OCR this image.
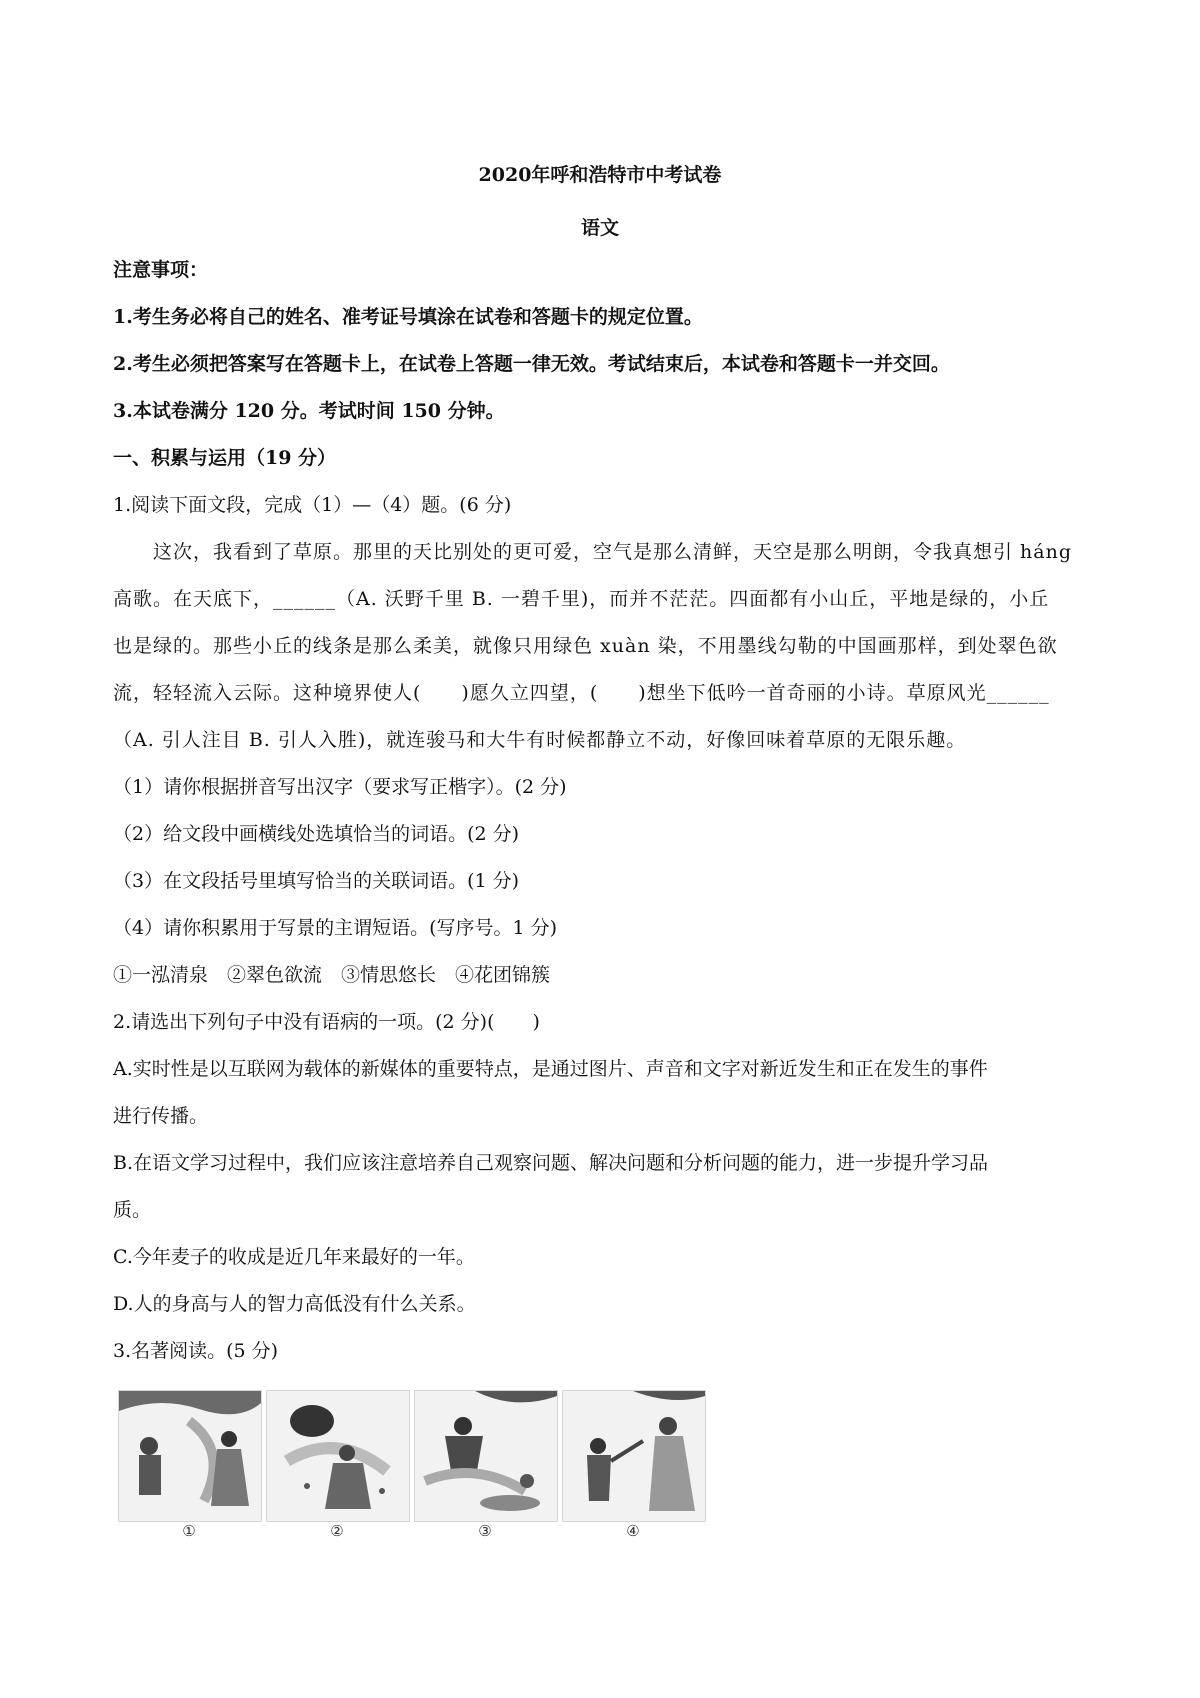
2020年呼和浩特市中考试卷
语文
注意事项：
1.考生务必将自己的姓名、准考证号填涂在试卷和答题卡的规定位置。
2.考生必须把答案写在答题卡上，在试卷上答题一律无效。考试结束后，本试卷和答题卡一并交回。
3.本试卷满分 120 分。考试时间 150 分钟。
一、积累与运用（19 分）
1.阅读下面文段，完成（1）—（4）题。(6 分)
这次，我看到了草原。那里的天比别处的更可爱，空气是那么清鲜，天空是那么明朗，令我真想引 háng
高歌。在天底下，______（A. 沃野千里 B. 一碧千里)，而并不茫茫。四面都有小山丘，平地是绿的，小丘
也是绿的。那些小丘的线条是那么柔美，就像只用绿色 xuàn 染，不用墨线勾勒的中国画那样，到处翠色欲
流，轻轻流入云际。这种境界使人(　　)愿久立四望，(　　)想坐下低吟一首奇丽的小诗。草原风光______
（A. 引人注目 B. 引人入胜)，就连骏马和大牛有时候都静立不动，好像回味着草原的无限乐趣。
（1）请你根据拼音写出汉字（要求写正楷字）。(2 分)
（2）给文段中画横线处选填恰当的词语。(2 分)
（3）在文段括号里填写恰当的关联词语。(1 分)
（4）请你积累用于写景的主谓短语。(写序号。1 分)
①一泓清泉　②翠色欲流　③情思悠长　④花团锦簇
2.请选出下列句子中没有语病的一项。(2 分)(　　)
A.实时性是以互联网为载体的新媒体的重要特点，是通过图片、声音和文字对新近发生和正在发生的事件
进行传播。
B.在语文学习过程中，我们应该注意培养自己观察问题、解决问题和分析问题的能力，进一步提升学习品
质。
C.今年麦子的收成是近几年来最好的一年。
D.人的身高与人的智力高低没有什么关系。
3.名著阅读。(5 分)
①	②	③	④
